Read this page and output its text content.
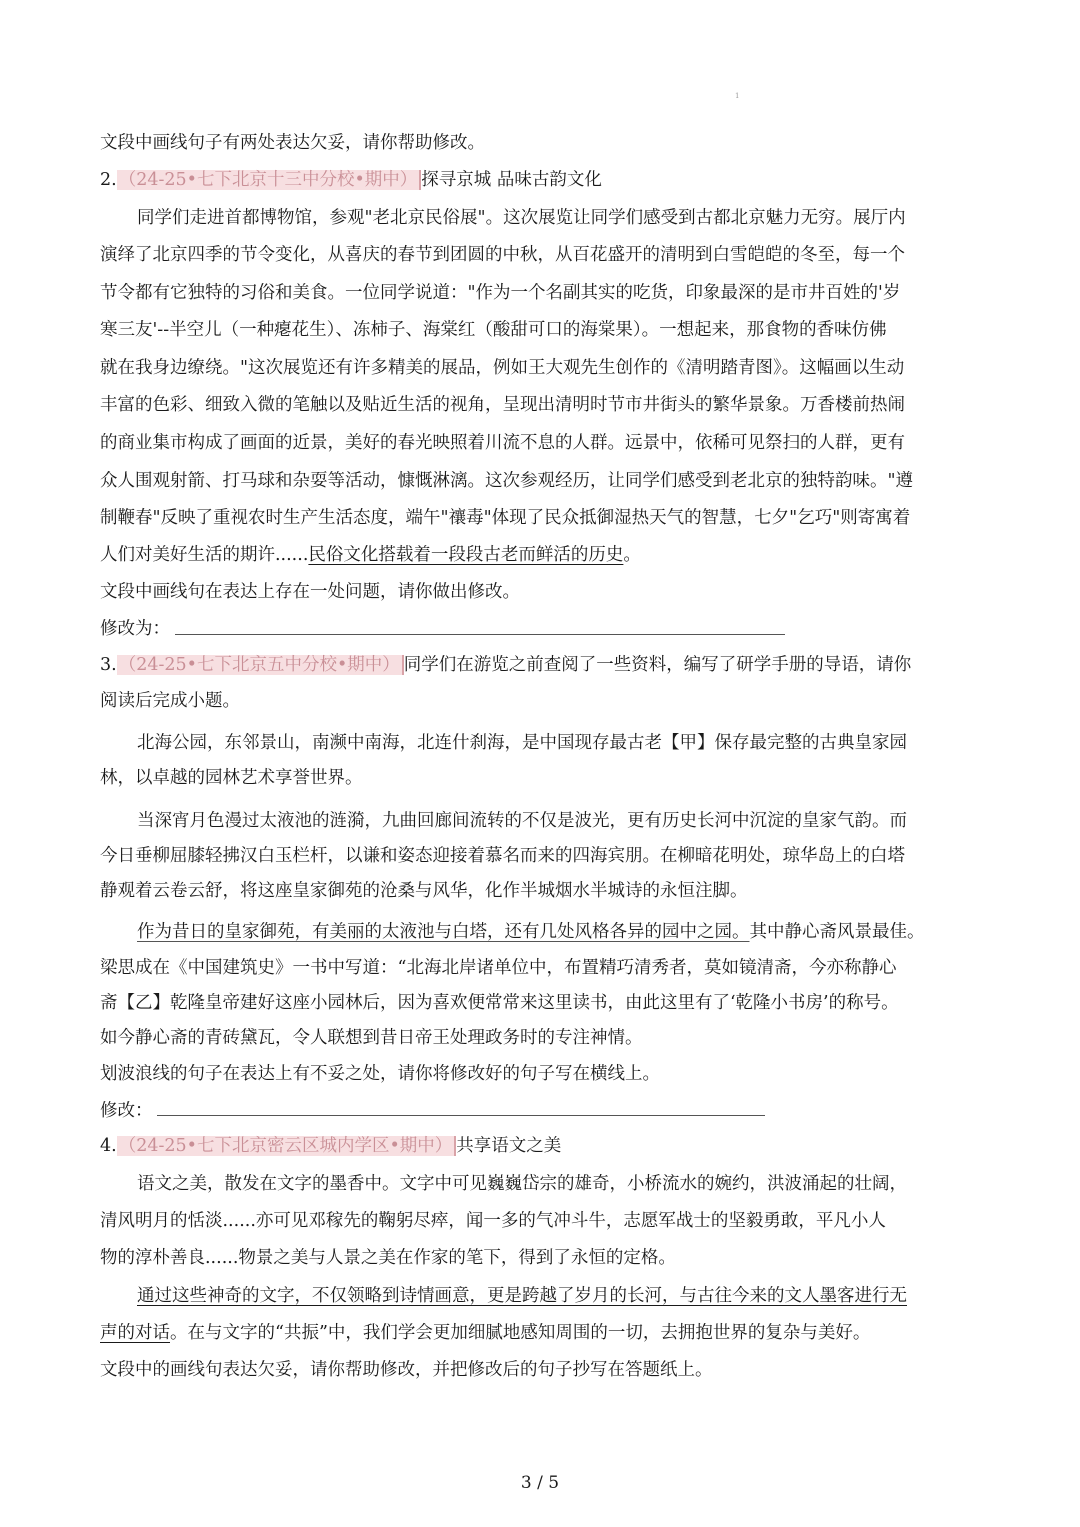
1
文段中画线句子有两处表达欠妥，请你帮助修改。
2. （24-25•七下北京十三中分校•期中） 探寻京城 品味古韵文化
同学们走进首都博物馆，参观"老北京民俗展"。这次展览让同学们感受到古都北京魅力无穷。展厅内
演绎了北京四季的节令变化，从喜庆的春节到团圆的中秋，从百花盛开的清明到白雪皑皑的冬至，每一个
节令都有它独特的习俗和美食。一位同学说道："作为一个名副其实的吃货，印象最深的是市井百姓的'岁
寒三友'--半空儿（一种瘪花生）、冻柿子、海棠红（酸甜可口的海棠果）。一想起来，那食物的香味仿佛
就在我身边缭绕。"这次展览还有许多精美的展品，例如王大观先生创作的《清明踏青图》。这幅画以生动
丰富的色彩、细致入微的笔触以及贴近生活的视角，呈现出清明时节市井街头的繁华景象。万香楼前热闹
的商业集市构成了画面的近景，美好的春光映照着川流不息的人群。远景中，依稀可见祭扫的人群，更有
众人围观射箭、打马球和杂耍等活动，慷慨淋漓。这次参观经历，让同学们感受到老北京的独特韵味。"遵
制鞭春"反映了重视农时生产生活态度，端午"禳毒"体现了民众抵御湿热天气的智慧，七夕"乞巧"则寄寓着
人们对美好生活的期许......民俗文化搭载着一段段古老而鲜活的历史。
文段中画线句在表达上存在一处问题，请你做出修改。
修改为：
3. （24-25•七下北京五中分校•期中） 同学们在游览之前查阅了一些资料，编写了研学手册的导语，请你
阅读后完成小题。
北海公园，东邻景山，南濒中南海，北连什刹海，是中国现存最古老【甲】保存最完整的古典皇家园
林，以卓越的园林艺术享誉世界。
当深宵月色漫过太液池的涟漪，九曲回廊间流转的不仅是波光，更有历史长河中沉淀的皇家气韵。而
今日垂柳屈膝轻拂汉白玉栏杆，以谦和姿态迎接着慕名而来的四海宾朋。在柳暗花明处，琼华岛上的白塔
静观着云卷云舒，将这座皇家御苑的沧桑与风华，化作半城烟水半城诗的永恒注脚。
作为昔日的皇家御苑，有美丽的太液池与白塔，还有几处风格各异的园中之园。其中静心斋风景最佳。
梁思成在《中国建筑史》一书中写道：“北海北岸诸单位中，布置精巧清秀者，莫如镜清斋，今亦称静心
斋【乙】乾隆皇帝建好这座小园林后，因为喜欢便常常来这里读书，由此这里有了‘乾隆小书房’的称号。
如今静心斋的青砖黛瓦，令人联想到昔日帝王处理政务时的专注神情。
划波浪线的句子在表达上有不妥之处，请你将修改好的句子写在横线上。
修改：
4. （24-25•七下北京密云区城内学区•期中） 共享语文之美
语文之美，散发在文字的墨香中。文字中可见巍巍岱宗的雄奇，小桥流水的婉约，洪波涌起的壮阔，
清风明月的恬淡......亦可见邓稼先的鞠躬尽瘁，闻一多的气冲斗牛，志愿军战士的坚毅勇敢，平凡小人
物的淳朴善良......物景之美与人景之美在作家的笔下，得到了永恒的定格。
通过这些神奇的文字，不仅领略到诗情画意，更是跨越了岁月的长河，与古往今来的文人墨客进行无
声的对话。在与文字的“共振”中，我们学会更加细腻地感知周围的一切，去拥抱世界的复杂与美好。
文段中的画线句表达欠妥，请你帮助修改，并把修改后的句子抄写在答题纸上。
3 / 5
